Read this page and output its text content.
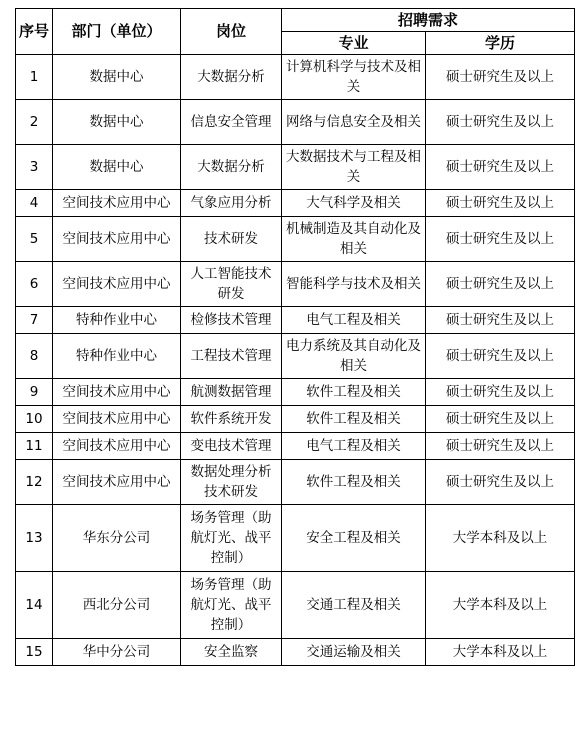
序号	部门（单位）	岗位	招聘需求	
			专业	学历
1	数据中心	大数据分析	计算机科学与技术及相关	硕士研究生及以上
2	数据中心	信息安全管理	网络与信息安全及相关	硕士研究生及以上
3	数据中心	大数据分析	大数据技术与工程及相关	硕士研究生及以上
4	空间技术应用中心	气象应用分析	大气科学及相关	硕士研究生及以上
5	空间技术应用中心	技术研发	机械制造及其自动化及相关	硕士研究生及以上
6	空间技术应用中心	人工智能技术研发	智能科学与技术及相关	硕士研究生及以上
7	特种作业中心	检修技术管理	电气工程及相关	硕士研究生及以上
8	特种作业中心	工程技术管理	电力系统及其自动化及相关	硕士研究生及以上
9	空间技术应用中心	航测数据管理	软件工程及相关	硕士研究生及以上
10	空间技术应用中心	软件系统开发	软件工程及相关	硕士研究生及以上
11	空间技术应用中心	变电技术管理	电气工程及相关	硕士研究生及以上
12	空间技术应用中心	数据处理分析技术研发	软件工程及相关	硕士研究生及以上
13	华东分公司	场务管理（助航灯光、战平控制）	安全工程及相关	大学本科及以上
14	西北分公司	场务管理（助航灯光、战平控制）	交通工程及相关	大学本科及以上
15	华中分公司	安全监察	交通运输及相关	大学本科及以上
